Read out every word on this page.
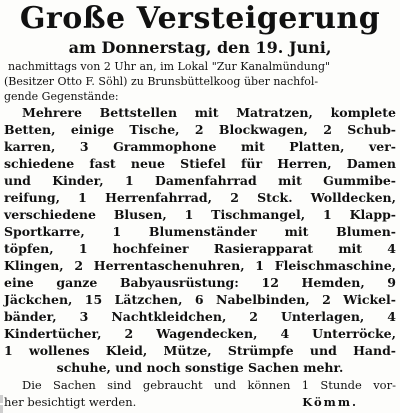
Große Versteigerung
am Donnerstag, den 19. Juni,
nachmittags von 2 Uhr an, im Lokal "Zur Kanalmündung"
(Besitzer Otto F. Söhl) zu Brunsbüttelkoog über nachfol-
gende Gegenstände:
Mehrere Bettstellen mit Matratzen, komplete
Betten, einige Tische, 2 Blockwagen, 2 Schub-
karren, 3 Grammophone mit Platten, ver-
schiedene fast neue Stiefel für Herren, Damen
und Kinder, 1 Damenfahrrad mit Gummibe-
reifung, 1 Herrenfahrrad, 2 Stck. Wolldecken,
verschiedene Blusen, 1 Tischmangel, 1 Klapp-
Sportkarre, 1 Blumenständer mit Blumen-
töpfen, 1 hochfeiner Rasierapparat mit 4
Klingen, 2 Herrentaschenuhren, 1 Fleischmaschine,
eine ganze Babyausrüstung: 12 Hemden, 9
Jäckchen, 15 Lätzchen, 6 Nabelbinden, 2 Wickel-
bänder, 3 Nachtkleidchen, 2 Unterlagen, 4
Kindertücher, 2 Wagendecken, 4 Unterröcke,
1 wollenes Kleid, Mütze, Strümpfe und Hand-
schuhe, und noch sonstige Sachen mehr.
Die Sachen sind gebraucht und können 1 Stunde vor-
her besichtigt werden.	Kömm.
